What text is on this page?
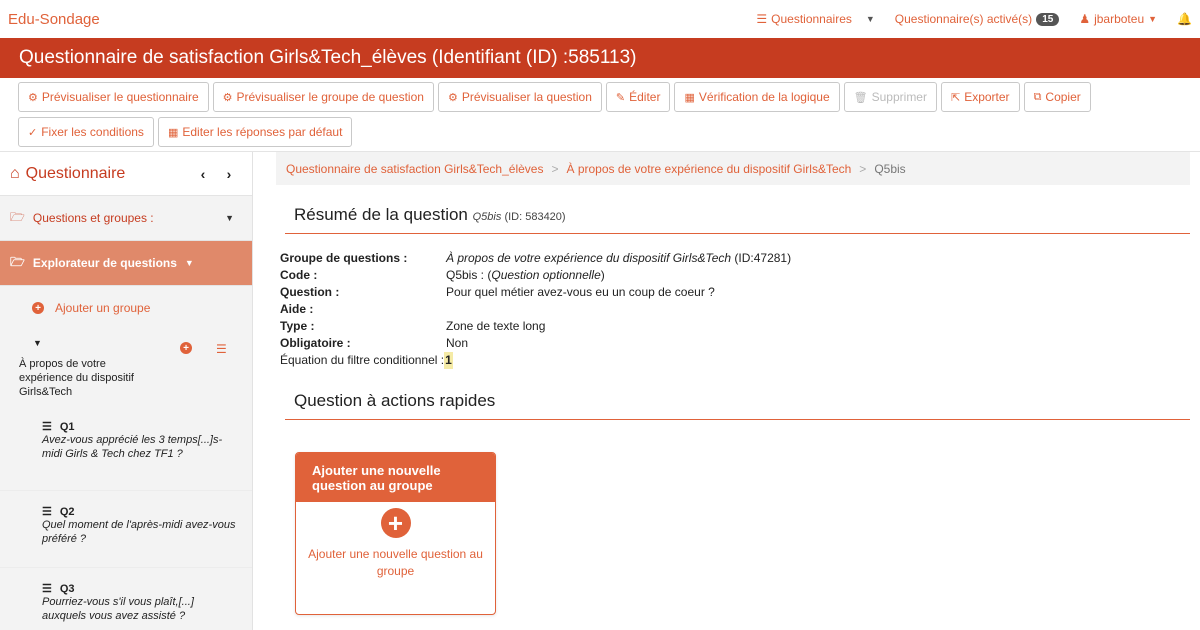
Edu-Sondage	☰ Questionnaires ▼ Questionnaire(s) activé(s)	15	♟ jbarboteu ▼ 🔔
Questionnaire de satisfaction Girls&Tech_élèves (Identifiant (ID) :585113)
⚙ Prévisualiser le questionnaire ⚙ Prévisualiser le groupe de question ⚙ Prévisualiser la question ✎ Éditer ▦ Vérification de la logique 🗑 Supprimer ⇱ Exporter ⧉ Copier
✓ Fixer les conditions ▦ Editer les réponses par défaut
⌂ Questionnaire	‹	›
🗁 Questions et groupes :	▼
🗁 Explorateur de questions ▼
+ Ajouter un groupe
▼	+ ☰
À propos de votre expérience du dispositif Girls&Tech
☰ Q1
Avez-vous apprécié les 3 temps[...]s-midi Girls & Tech chez TF1 ?
☰ Q2
Quel moment de l'après-midi avez-vous préféré ?
☰ Q3
Pourriez-vous s'il vous plaît,[...] auxquels vous avez assisté ?
Questionnaire de satisfaction Girls&Tech_élèves > À propos de votre expérience du dispositif Girls&Tech > Q5bis
Résumé de la question Q5bis (ID: 583420)
Groupe de questions :	À propos de votre expérience du dispositif Girls&Tech (ID:47281)
Code :	Q5bis : (Question optionnelle)
Question :	Pour quel métier avez-vous eu un coup de coeur ?
Aide :
Type :	Zone de texte long
Obligatoire :	Non
Équation du filtre conditionnel : 1
Question à actions rapides
Ajouter une nouvelle question au groupe
+
Ajouter une nouvelle question au groupe
